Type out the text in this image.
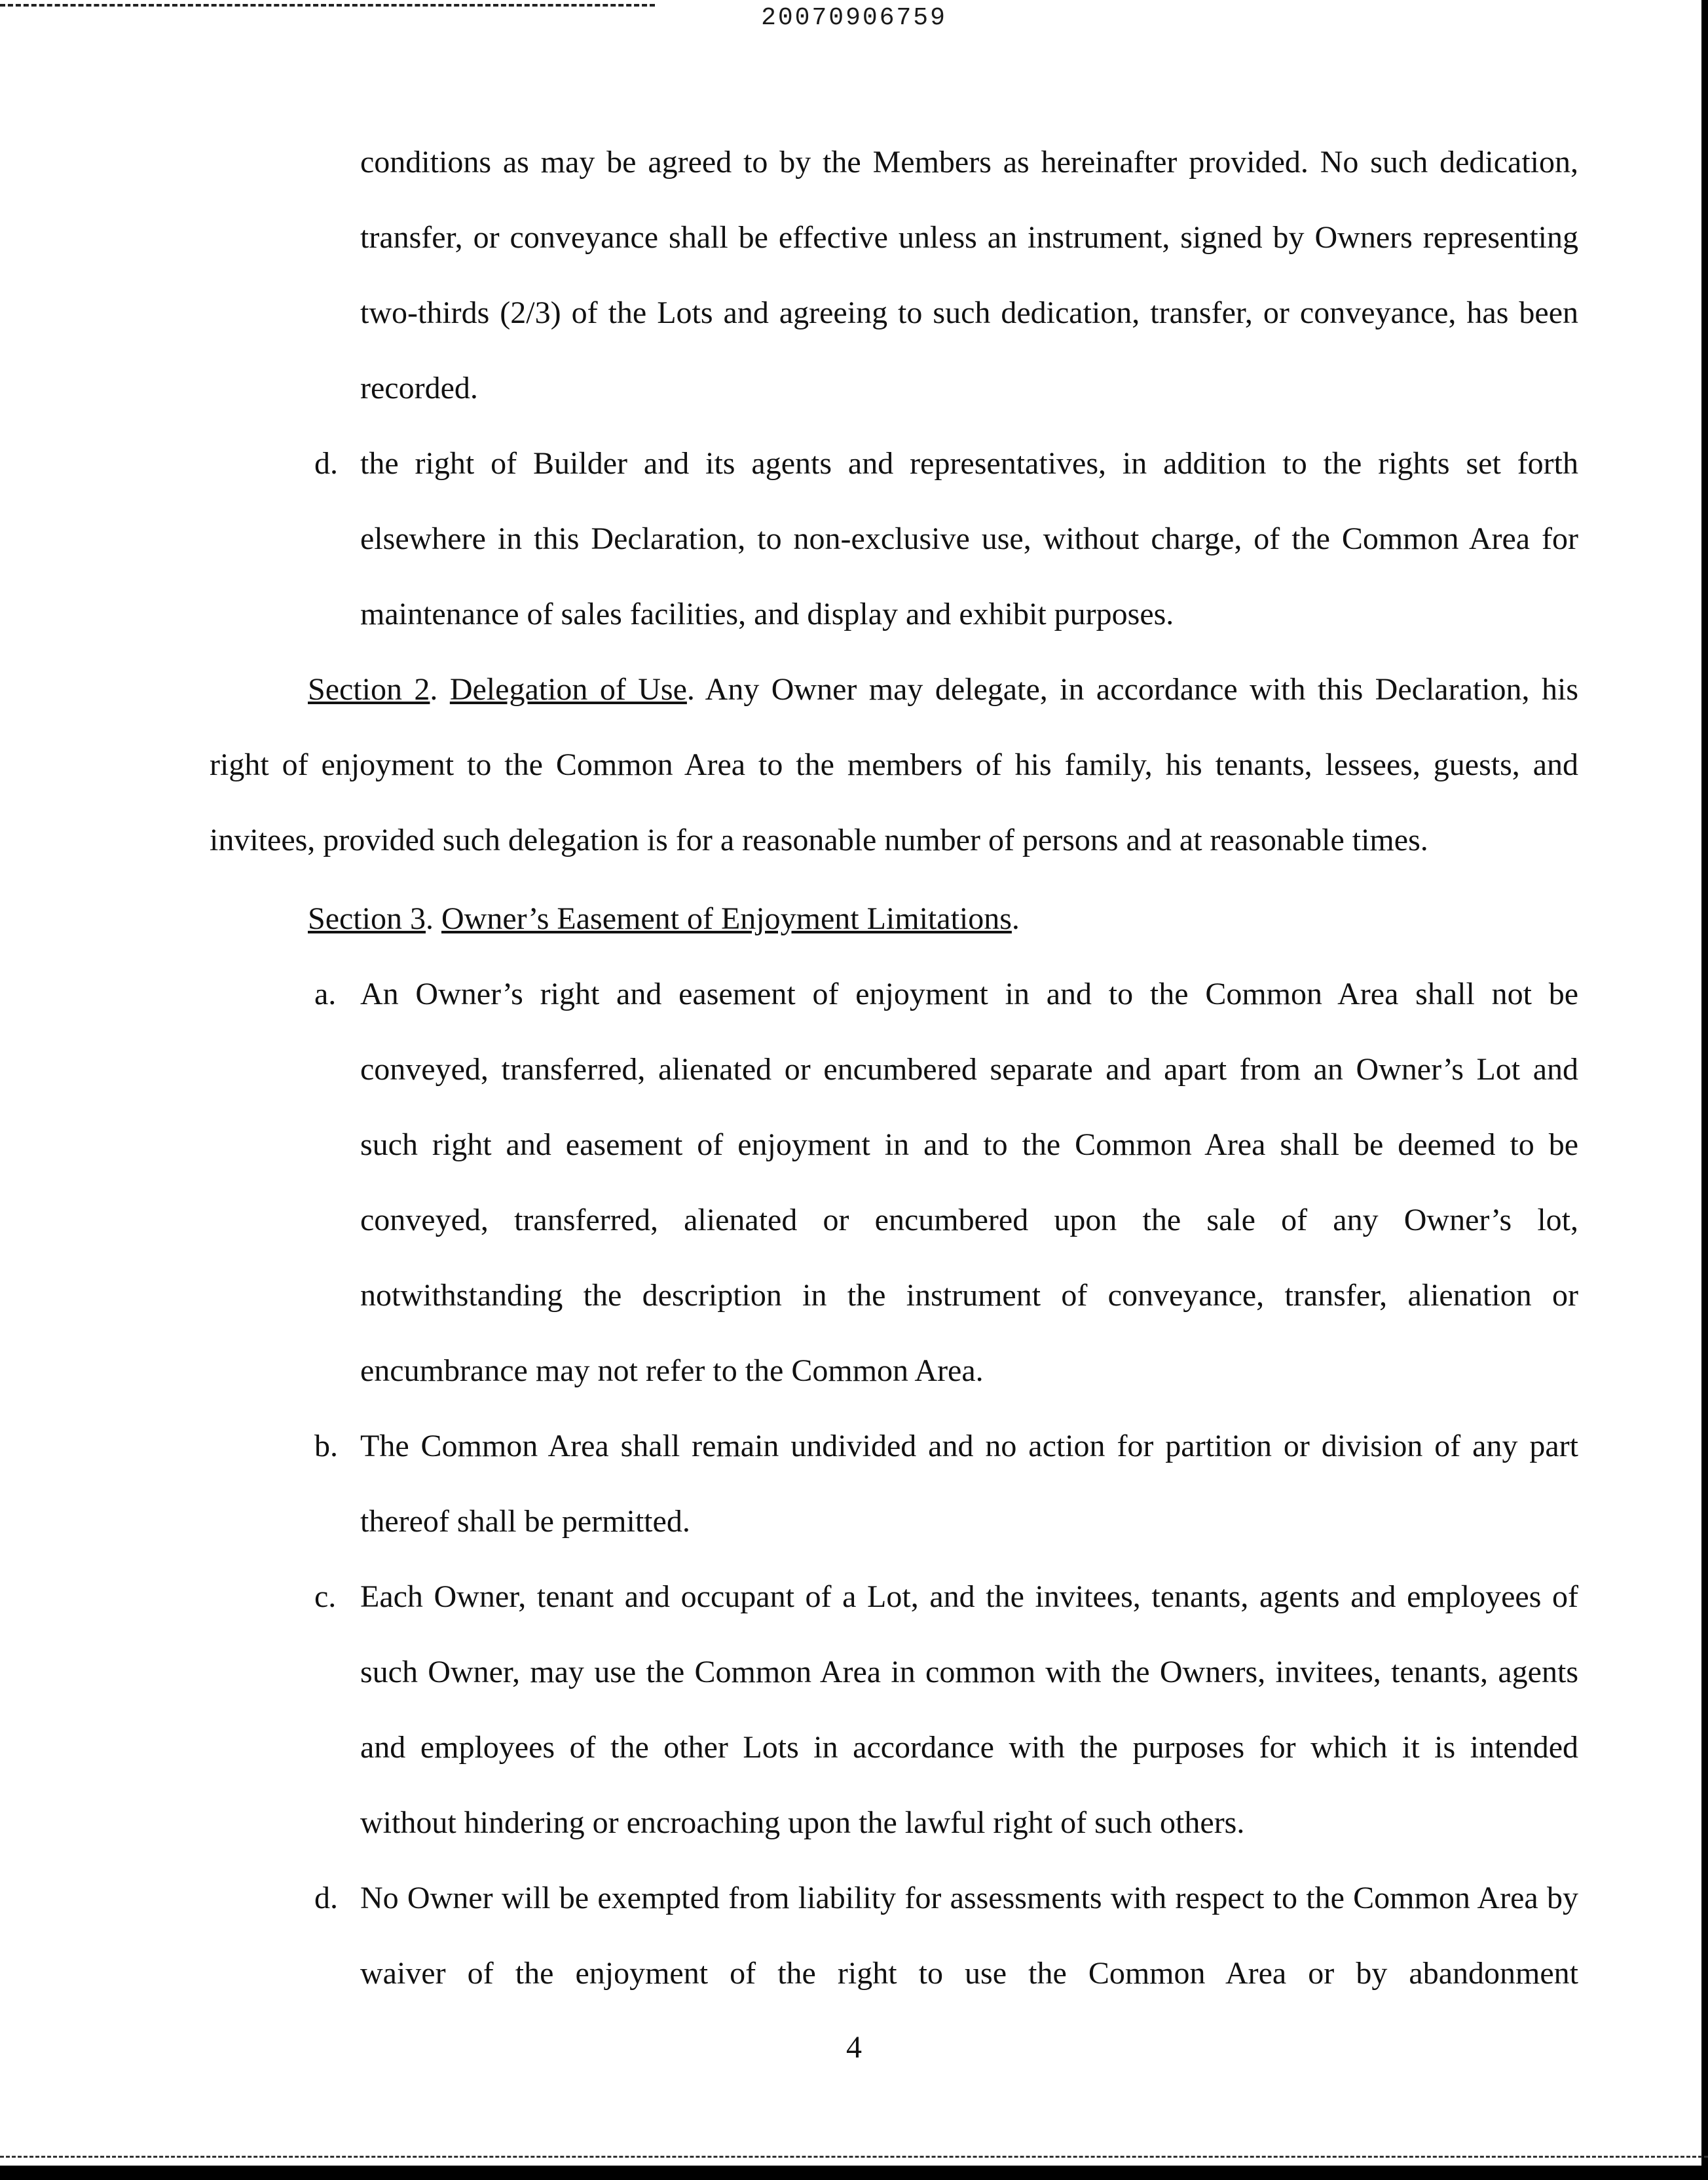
20070906759

conditions as may be agreed to by the Members as hereinafter provided. No such dedication, transfer, or conveyance shall be effective unless an instrument, signed by Owners representing two-thirds (2/3) of the Lots and agreeing to such dedication, transfer, or conveyance, has been recorded.

d. the right of Builder and its agents and representatives, in addition to the rights set forth elsewhere in this Declaration, to non-exclusive use, without charge, of the Common Area for maintenance of sales facilities, and display and exhibit purposes.

Section 2. Delegation of Use. Any Owner may delegate, in accordance with this Declaration, his right of enjoyment to the Common Area to the members of his family, his tenants, lessees, guests, and invitees, provided such delegation is for a reasonable number of persons and at reasonable times.

Section 3. Owner’s Easement of Enjoyment Limitations.

a. An Owner’s right and easement of enjoyment in and to the Common Area shall not be conveyed, transferred, alienated or encumbered separate and apart from an Owner’s Lot and such right and easement of enjoyment in and to the Common Area shall be deemed to be conveyed, transferred, alienated or encumbered upon the sale of any Owner’s lot, notwithstanding the description in the instrument of conveyance, transfer, alienation or encumbrance may not refer to the Common Area.

b. The Common Area shall remain undivided and no action for partition or division of any part thereof shall be permitted.

c. Each Owner, tenant and occupant of a Lot, and the invitees, tenants, agents and employees of such Owner, may use the Common Area in common with the Owners, invitees, tenants, agents and employees of the other Lots in accordance with the purposes for which it is intended without hindering or encroaching upon the lawful right of such others.

d. No Owner will be exempted from liability for assessments with respect to the Common Area by waiver of the enjoyment of the right to use the Common Area or by abandonment

4
